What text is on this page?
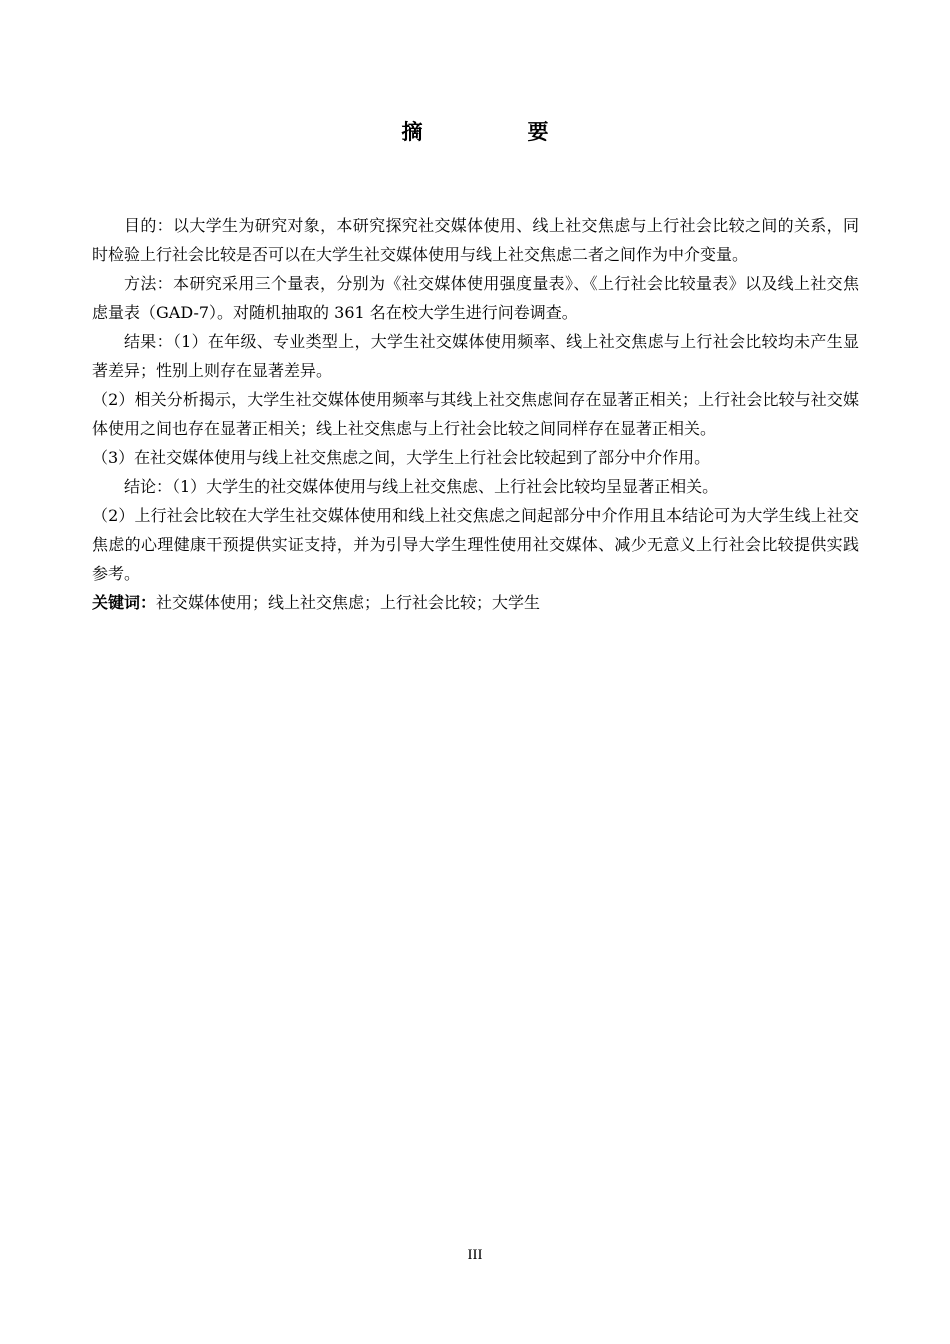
摘　要

目的：以大学生为研究对象，本研究探究社交媒体使用、线上社交焦虑与上行社会比较之间的关系，同时检验上行社会比较是否可以在大学生社交媒体使用与线上社交焦虑二者之间作为中介变量。

方法：本研究采用三个量表，分别为《社交媒体使用强度量表》、《上行社会比较量表》以及线上社交焦虑量表（GAD-7）。对随机抽取的 361 名在校大学生进行问卷调查。

结果：（1）在年级、专业类型上，大学生社交媒体使用频率、线上社交焦虑与上行社会比较均未产生显著差异；性别上则存在显著差异。

（2）相关分析揭示，大学生社交媒体使用频率与其线上社交焦虑间存在显著正相关；上行社会比较与社交媒体使用之间也存在显著正相关；线上社交焦虑与上行社会比较之间同样存在显著正相关。

（3）在社交媒体使用与线上社交焦虑之间，大学生上行社会比较起到了部分中介作用。

结论：（1）大学生的社交媒体使用与线上社交焦虑、上行社会比较均呈显著正相关。

（2）上行社会比较在大学生社交媒体使用和线上社交焦虑之间起部分中介作用且本结论可为大学生线上社交焦虑的心理健康干预提供实证支持，并为引导大学生理性使用社交媒体、减少无意义上行社会比较提供实践参考。

关键词：社交媒体使用；线上社交焦虑；上行社会比较；大学生

III
